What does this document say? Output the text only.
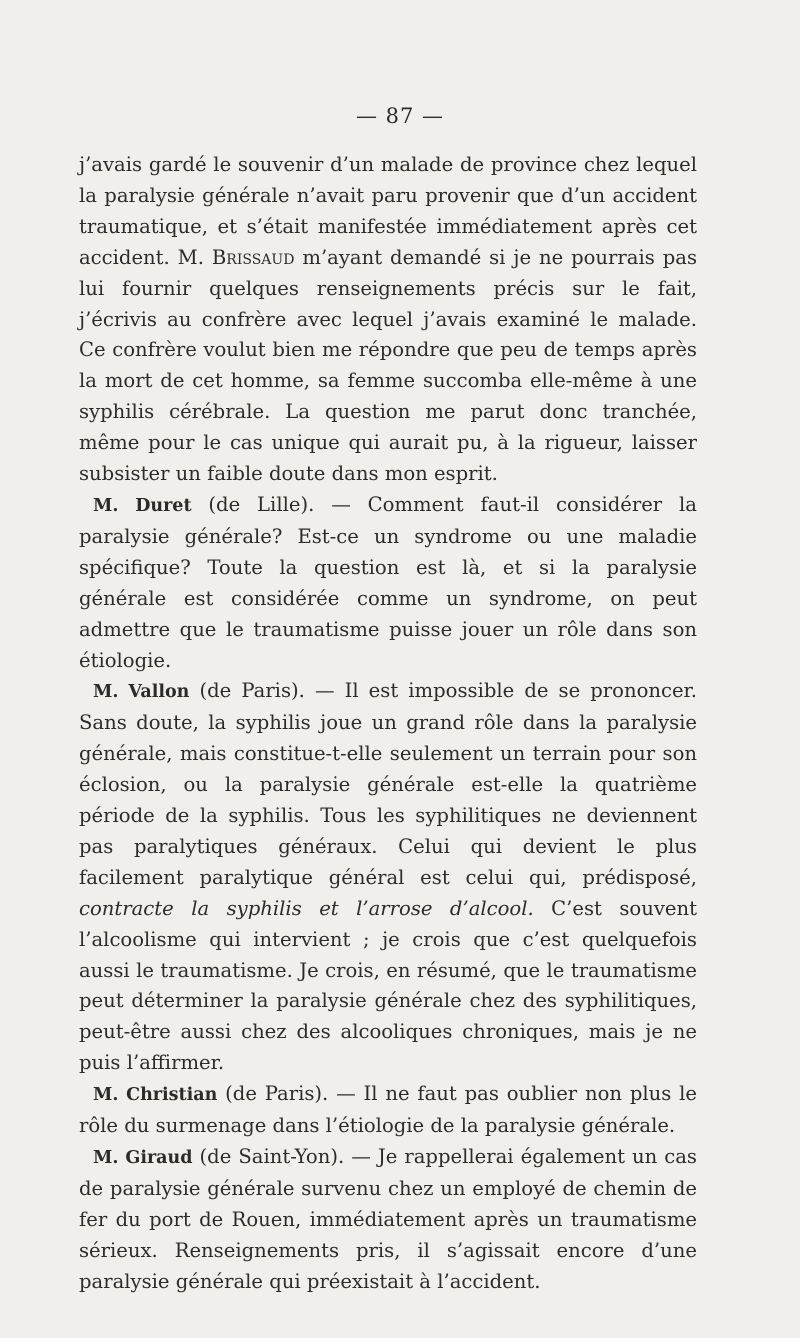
— 87 —

j’avais gardé le souvenir d’un malade de province chez lequel la paralysie générale n’avait paru provenir que d’un accident traumatique, et s’était manifestée immédiatement après cet accident. M. Brissaud m’ayant demandé si je ne pourrais pas lui fournir quelques renseignements précis sur le fait, j’écrivis au confrère avec lequel j’avais examiné le malade. Ce confrère voulut bien me répondre que peu de temps après la mort de cet homme, sa femme succomba elle-même à une syphilis cérébrale. La question me parut donc tranchée, même pour le cas unique qui aurait pu, à la rigueur, laisser subsister un faible doute dans mon esprit.

M. Duret (de Lille). — Comment faut-il considérer la paralysie générale? Est-ce un syndrome ou une maladie spécifique? Toute la question est là, et si la paralysie générale est considérée comme un syndrome, on peut admettre que le traumatisme puisse jouer un rôle dans son étiologie.

M. Vallon (de Paris). — Il est impossible de se prononcer. Sans doute, la syphilis joue un grand rôle dans la paralysie générale, mais constitue-t-elle seulement un terrain pour son éclosion, ou la paralysie générale est-elle la quatrième période de la syphilis. Tous les syphilitiques ne deviennent pas paralytiques généraux. Celui qui devient le plus facilement paralytique général est celui qui, prédisposé, contracte la syphilis et l’arrose d’alcool. C’est souvent l’alcoolisme qui intervient ; je crois que c’est quelquefois aussi le traumatisme. Je crois, en résumé, que le traumatisme peut déterminer la paralysie générale chez des syphilitiques, peut-être aussi chez des alcooliques chroniques, mais je ne puis l’affirmer.

M. Christian (de Paris). — Il ne faut pas oublier non plus le rôle du surmenage dans l’étiologie de la paralysie générale.

M. Giraud (de Saint-Yon). — Je rappellerai également un cas de paralysie générale survenu chez un employé de chemin de fer du port de Rouen, immédiatement après un traumatisme sérieux. Renseignements pris, il s’agissait encore d’une paralysie générale qui préexistait à l’accident.
